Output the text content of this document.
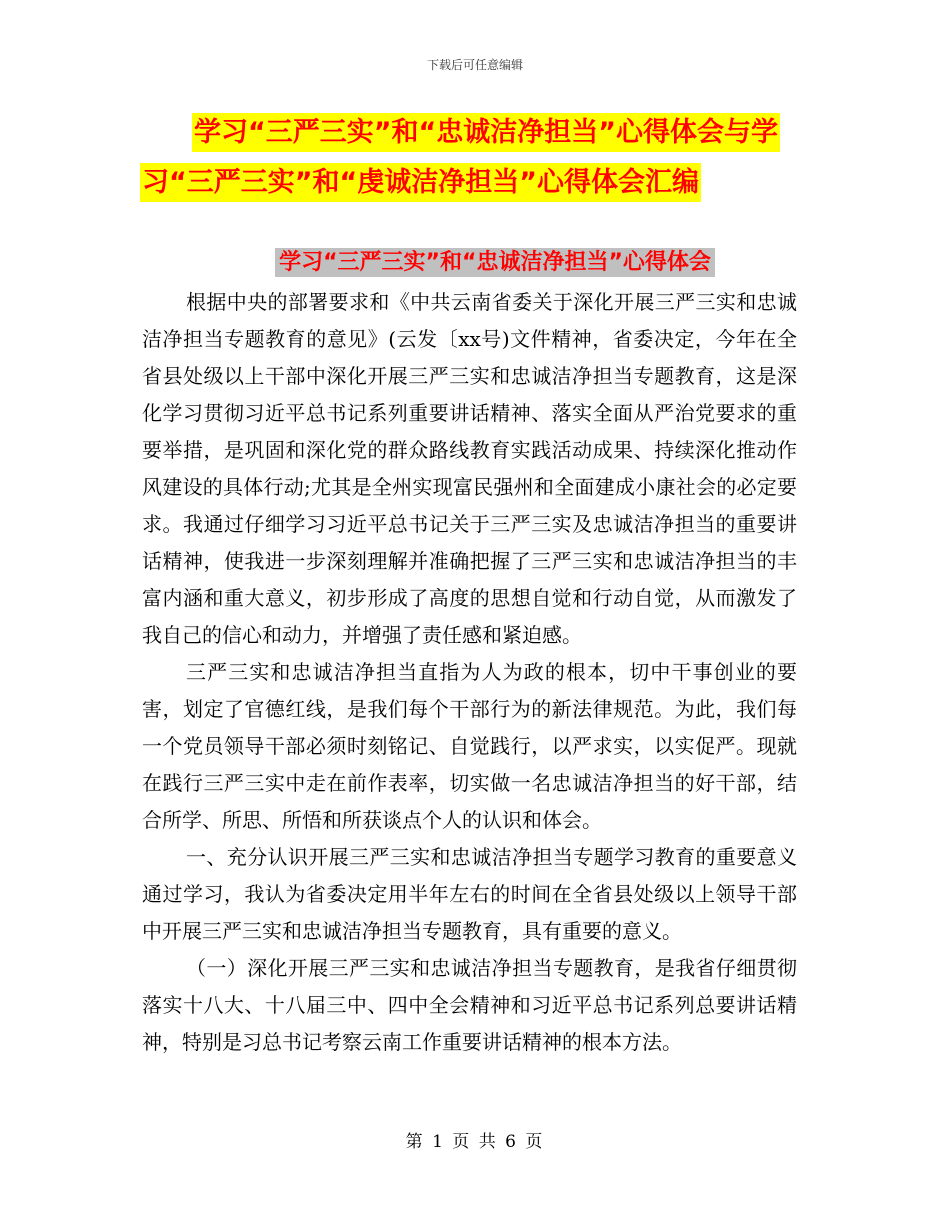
下载后可任意编辑
学习“三严三实”和“忠诚洁净担当”心得体会与学
习“三严三实”和“虔诚洁净担当”心得体会汇编
学习“三严三实”和“忠诚洁净担当”心得体会

根据中央的部署要求和《中共云南省委关于深化开展三严三实和忠诚洁净担当专题教育的意见》(云发〔xx号)文件精神，省委决定，今年在全省县处级以上干部中深化开展三严三实和忠诚洁净担当专题教育，这是深化学习贯彻习近平总书记系列重要讲话精神、落实全面从严治党要求的重要举措，是巩固和深化党的群众路线教育实践活动成果、持续深化推动作风建设的具体行动;尤其是全州实现富民强州和全面建成小康社会的必定要求。我通过仔细学习习近平总书记关于三严三实及忠诚洁净担当的重要讲话精神，使我进一步深刻理解并准确把握了三严三实和忠诚洁净担当的丰富内涵和重大意义，初步形成了高度的思想自觉和行动自觉，从而激发了我自己的信心和动力，并增强了责任感和紧迫感。

三严三实和忠诚洁净担当直指为人为政的根本，切中干事创业的要害，划定了官德红线，是我们每个干部行为的新法律规范。为此，我们每一个党员领导干部必须时刻铭记、自觉践行，以严求实，以实促严。现就在践行三严三实中走在前作表率，切实做一名忠诚洁净担当的好干部，结合所学、所思、所悟和所获谈点个人的认识和体会。

一、充分认识开展三严三实和忠诚洁净担当专题学习教育的重要意义通过学习，我认为省委决定用半年左右的时间在全省县处级以上领导干部中开展三严三实和忠诚洁净担当专题教育，具有重要的意义。

（一）深化开展三严三实和忠诚洁净担当专题教育，是我省仔细贯彻落实十八大、十八届三中、四中全会精神和习近平总书记系列总要讲话精神，特别是习总书记考察云南工作重要讲话精神的根本方法。

第 1 页 共 6 页
